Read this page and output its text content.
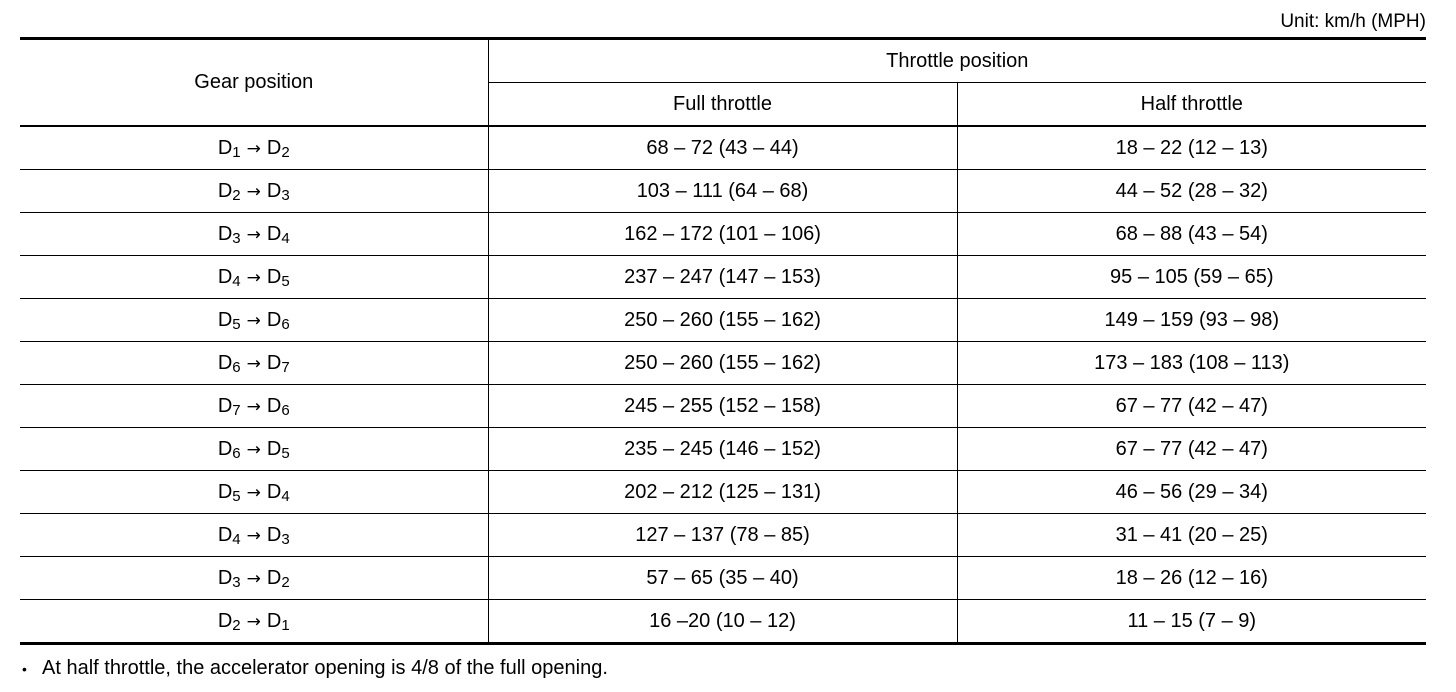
Unit: km/h (MPH)
Gear position	Throttle position	
	Full throttle	Half throttle
D1 → D2	68 – 72 (43 – 44)	18 – 22 (12 – 13)
D2 → D3	103 – 111 (64 – 68)	44 – 52 (28 – 32)
D3 → D4	162 – 172 (101 – 106)	68 – 88 (43 – 54)
D4 → D5	237 – 247 (147 – 153)	95 – 105 (59 – 65)
D5 → D6	250 – 260 (155 – 162)	149 – 159 (93 – 98)
D6 → D7	250 – 260 (155 – 162)	173 – 183 (108 – 113)
D7 → D6	245 – 255 (152 – 158)	67 – 77 (42 – 47)
D6 → D5	235 – 245 (146 – 152)	67 – 77 (42 – 47)
D5 → D4	202 – 212 (125 – 131)	46 – 56 (29 – 34)
D4 → D3	127 – 137 (78 – 85)	31 – 41 (20 – 25)
D3 → D2	57 – 65 (35 – 40)	18 – 26 (12 – 16)
D2 → D1	16 –20 (10 – 12)	11 – 15 (7 – 9)
• At half throttle, the accelerator opening is 4/8 of the full opening.
